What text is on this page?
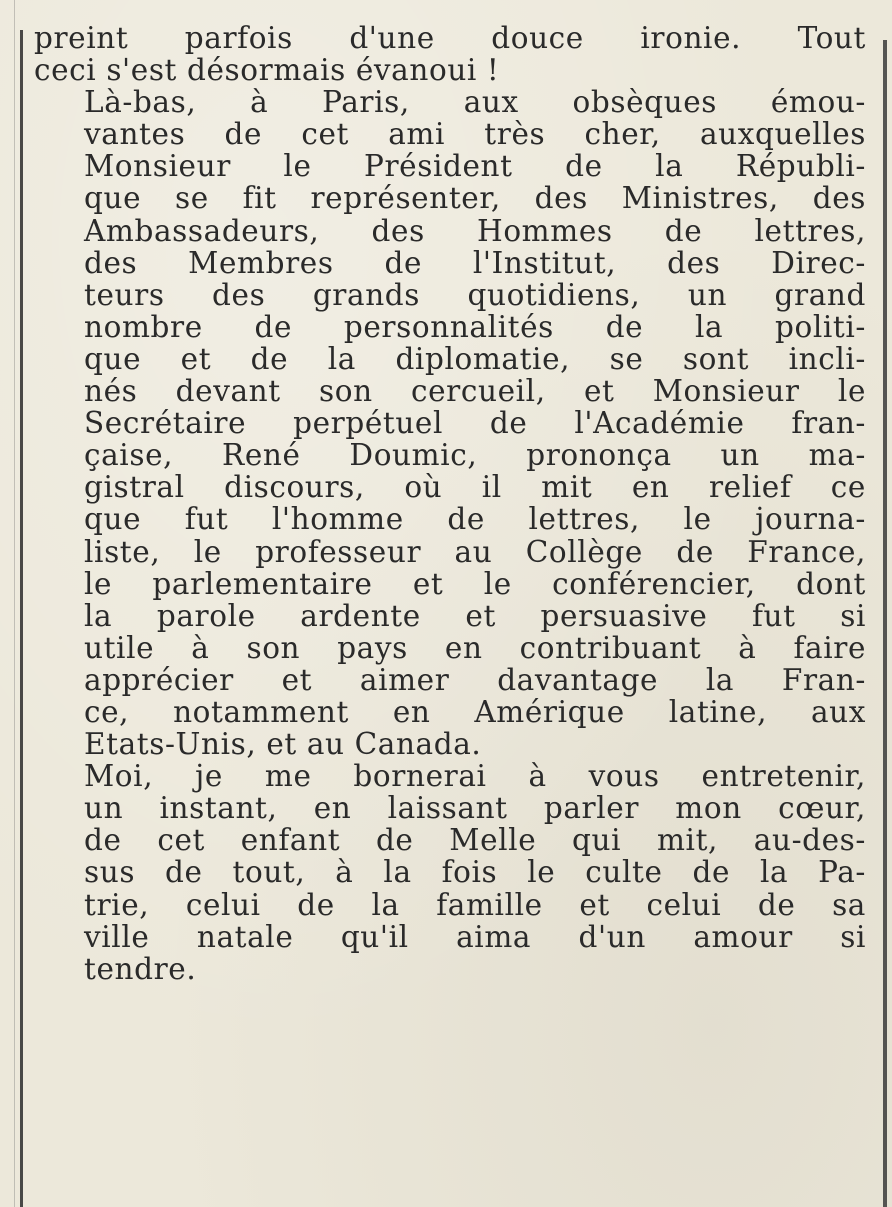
preint parfois d'une douce ironie. Tout
ceci s'est désormais évanoui !

Là-bas, à Paris, aux obsèques émou-
vantes de cet ami très cher, auxquelles
Monsieur le Président de la Républi-
que se fit représenter, des Ministres, des
Ambassadeurs, des Hommes de lettres,
des Membres de l'Institut, des Direc-
teurs des grands quotidiens, un grand
nombre de personnalités de la politi-
que et de la diplomatie, se sont incli-
nés devant son cercueil, et Monsieur le
Secrétaire perpétuel de l'Académie fran-
çaise, René Doumic, prononça un ma-
gistral discours, où il mit en relief ce
que fut l'homme de lettres, le journa-
liste, le professeur au Collège de France,
le parlementaire et le conférencier, dont
la parole ardente et persuasive fut si
utile à son pays en contribuant à faire
apprécier et aimer davantage la Fran-
ce, notamment en Amérique latine, aux
Etats-Unis, et au Canada.

Moi, je me bornerai à vous entretenir,
un instant, en laissant parler mon cœur,
de cet enfant de Melle qui mit, au-des-
sus de tout, à la fois le culte de la Pa-
trie, celui de la famille et celui de sa
ville natale qu'il aima d'un amour si
tendre.
